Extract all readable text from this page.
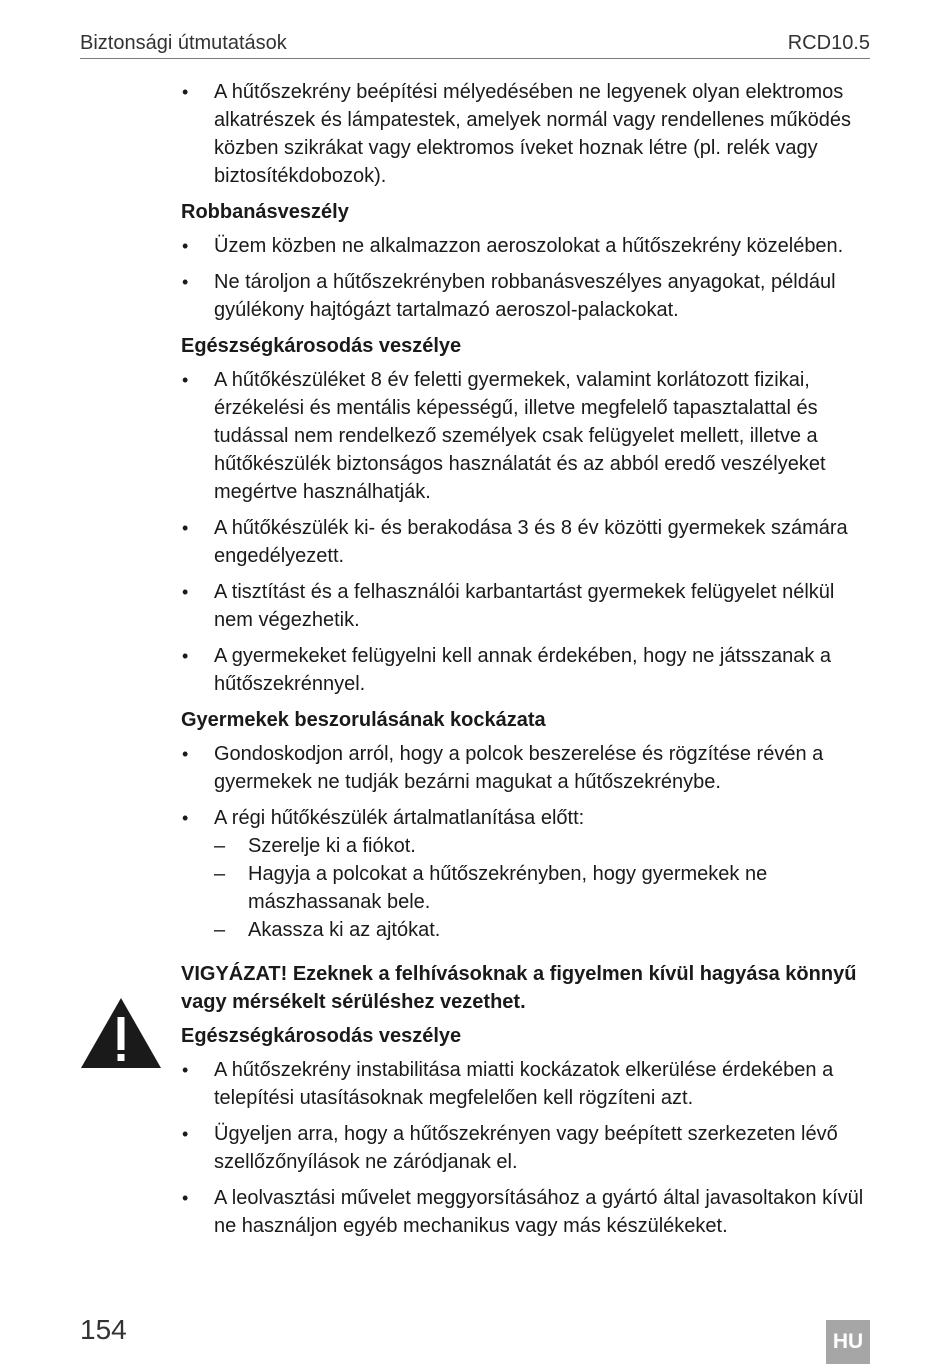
Biztonsági útmutatások	RCD10.5
• A hűtőszekrény beépítési mélyedésében ne legyenek olyan elektromos alkatrészek és lámpatestek, amelyek normál vagy rendellenes működés közben szikrákat vagy elektromos íveket hoznak létre (pl. relék vagy biztosítékdobozok).
Robbanásveszély
• Üzem közben ne alkalmazzon aeroszolokat a hűtőszekrény közelében.
• Ne tároljon a hűtőszekrényben robbanásveszélyes anyagokat, például gyúlékony hajtógázt tartalmazó aeroszol-palackokat.
Egészségkárosodás veszélye
• A hűtőkészüléket 8 év feletti gyermekek, valamint korlátozott fizikai, érzékelési és mentális képességű, illetve megfelelő tapasztalattal és tudással nem rendelkező személyek csak felügyelet mellett, illetve a hűtőkészülék biztonságos használatát és az abból eredő veszélyeket megértve használhatják.
• A hűtőkészülék ki- és berakodása 3 és 8 év közötti gyermekek számára engedélyezett.
• A tisztítást és a felhasználói karbantartást gyermekek felügyelet nélkül nem végezhetik.
• A gyermekeket felügyelni kell annak érdekében, hogy ne játsszanak a hűtőszekrénnyel.
Gyermekek beszorulásának kockázata
• Gondoskodjon arról, hogy a polcok beszerelése és rögzítése révén a gyermekek ne tudják bezárni magukat a hűtőszekrénybe.
• A régi hűtőkészülék ártalmatlanítása előtt:
– Szerelje ki a fiókot.
– Hagyja a polcokat a hűtőszekrényben, hogy gyermekek ne mászhassanak bele.
– Akassza ki az ajtókat.
VIGYÁZAT! Ezeknek a felhívásoknak a figyelmen kívül hagyása könnyű vagy mérsékelt sérüléshez vezethet.
Egészségkárosodás veszélye
• A hűtőszekrény instabilitása miatti kockázatok elkerülése érdekében a telepítési utasításoknak megfelelően kell rögzíteni azt.
• Ügyeljen arra, hogy a hűtőszekrényen vagy beépített szerkezeten lévő szellőzőnyílások ne záródjanak el.
• A leolvasztási művelet meggyorsításához a gyártó által javasoltakon kívül ne használjon egyéb mechanikus vagy más készülékeket.
154	HU
